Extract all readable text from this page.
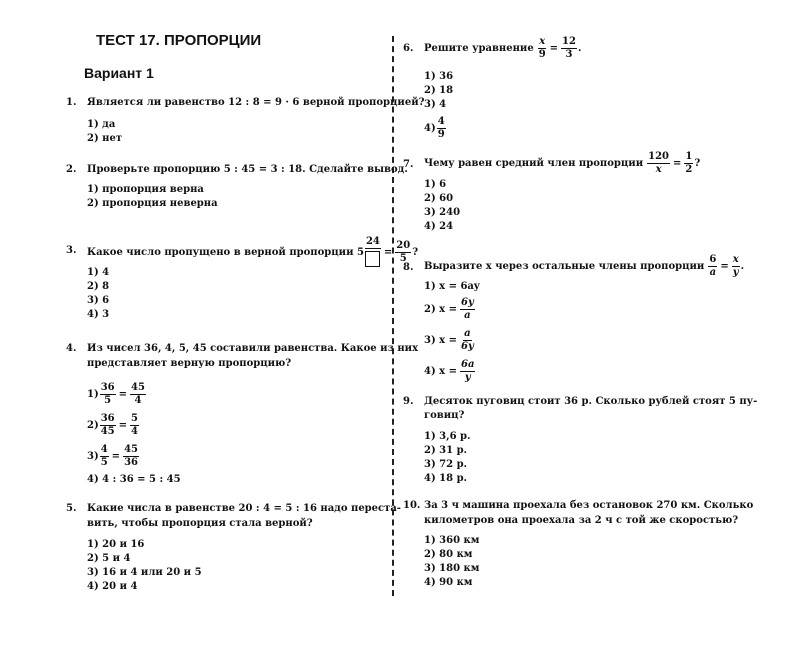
ТЕСТ 17. ПРОПОРЦИИ
Вариант 1
1. Является ли равенство 12 : 8 = 9 · 6 верной пропорцией?
1) да
2) нет
2. Проверьте пропорцию 5 : 45 = 3 : 18. Сделайте вывод.
1) пропорция верна
2) пропорция неверна
3. Какое число пропущено в верной пропорции 5
24
= $\frac{20}{5}$ ?
1) 4
2) 8
3) 6
4) 3
4. Из чисел 36, 4, 5, 45 составили равенства. Какое из них
представляет верную пропорцию?
$1) \frac{36}{5} = \frac{45}{4}$
$2) \frac{36}{45} = \frac{5}{4}$
$3) \frac{4}{5} = \frac{45}{36}$
4) 4 : 36 = 5 : 45
5. Какие числа в равенстве 20 : 4 = 5 : 16 надо переста-
вить, чтобы пропорция стала верной?
1) 20 и 16
2) 5 и 4
3) 16 и 4 или 20 и 5
4) 20 и 4
6. Решите уравнение $\frac{x}{9} = \frac{12}{3}$ .
1) 36
2) 18
3) 4
$4) \frac{4}{9}$
7. Чему равен средний член пропорции $\frac{120}{x} = \frac{1}{2}$ ?
1) 6
2) 60
3) 240
4) 24
8. Выразите x через остальные члены пропорции $\frac{6}{a} = \frac{x}{y}$ .
1) x = 6ay
2) $x = \frac{6y}{a}$
3) $x = \frac{a}{6y}$
4) $x = \frac{6a}{y}$
9. Десяток пуговиц стоит 36 р. Сколько рублей стоят 5 пу-
говиц?
1) 3,6 р.
2) 31 р.
3) 72 р.
4) 18 р.
10. За 3 ч машина проехала без остановок 270 км. Сколько
километров она проехала за 2 ч с той же скоростью?
1) 360 км
2) 80 км
3) 180 км
4) 90 км
